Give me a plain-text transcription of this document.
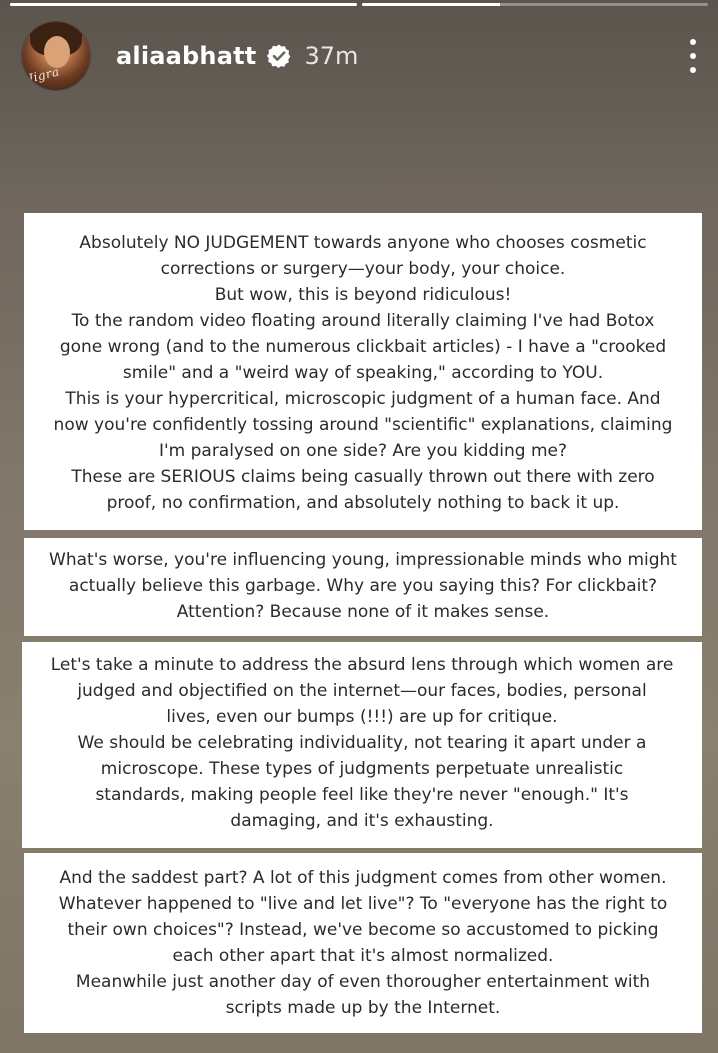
Jigra
aliaabhatt 37m

Absolutely NO JUDGEMENT towards anyone who chooses cosmetic

corrections or surgery—your body, your choice.

But wow, this is beyond ridiculous!

To the random video floating around literally claiming I've had Botox

gone wrong (and to the numerous clickbait articles) - I have a "crooked

smile" and a "weird way of speaking," according to YOU.

This is your hypercritical, microscopic judgment of a human face. And

now you're confidently tossing around "scientific" explanations, claiming

I'm paralysed on one side? Are you kidding me?

These are SERIOUS claims being casually thrown out there with zero

proof, no confirmation, and absolutely nothing to back it up.

What's worse, you're influencing young, impressionable minds who might

actually believe this garbage. Why are you saying this? For clickbait?

Attention? Because none of it makes sense.

Let's take a minute to address the absurd lens through which women are

judged and objectified on the internet—our faces, bodies, personal

lives, even our bumps (!!!) are up for critique.

We should be celebrating individuality, not tearing it apart under a

microscope. These types of judgments perpetuate unrealistic

standards, making people feel like they're never "enough." It's

damaging, and it's exhausting.

And the saddest part? A lot of this judgment comes from other women.

Whatever happened to "live and let live"? To "everyone has the right to

their own choices"? Instead, we've become so accustomed to picking

each other apart that it's almost normalized.

Meanwhile just another day of even thorougher entertainment with

scripts made up by the Internet.
